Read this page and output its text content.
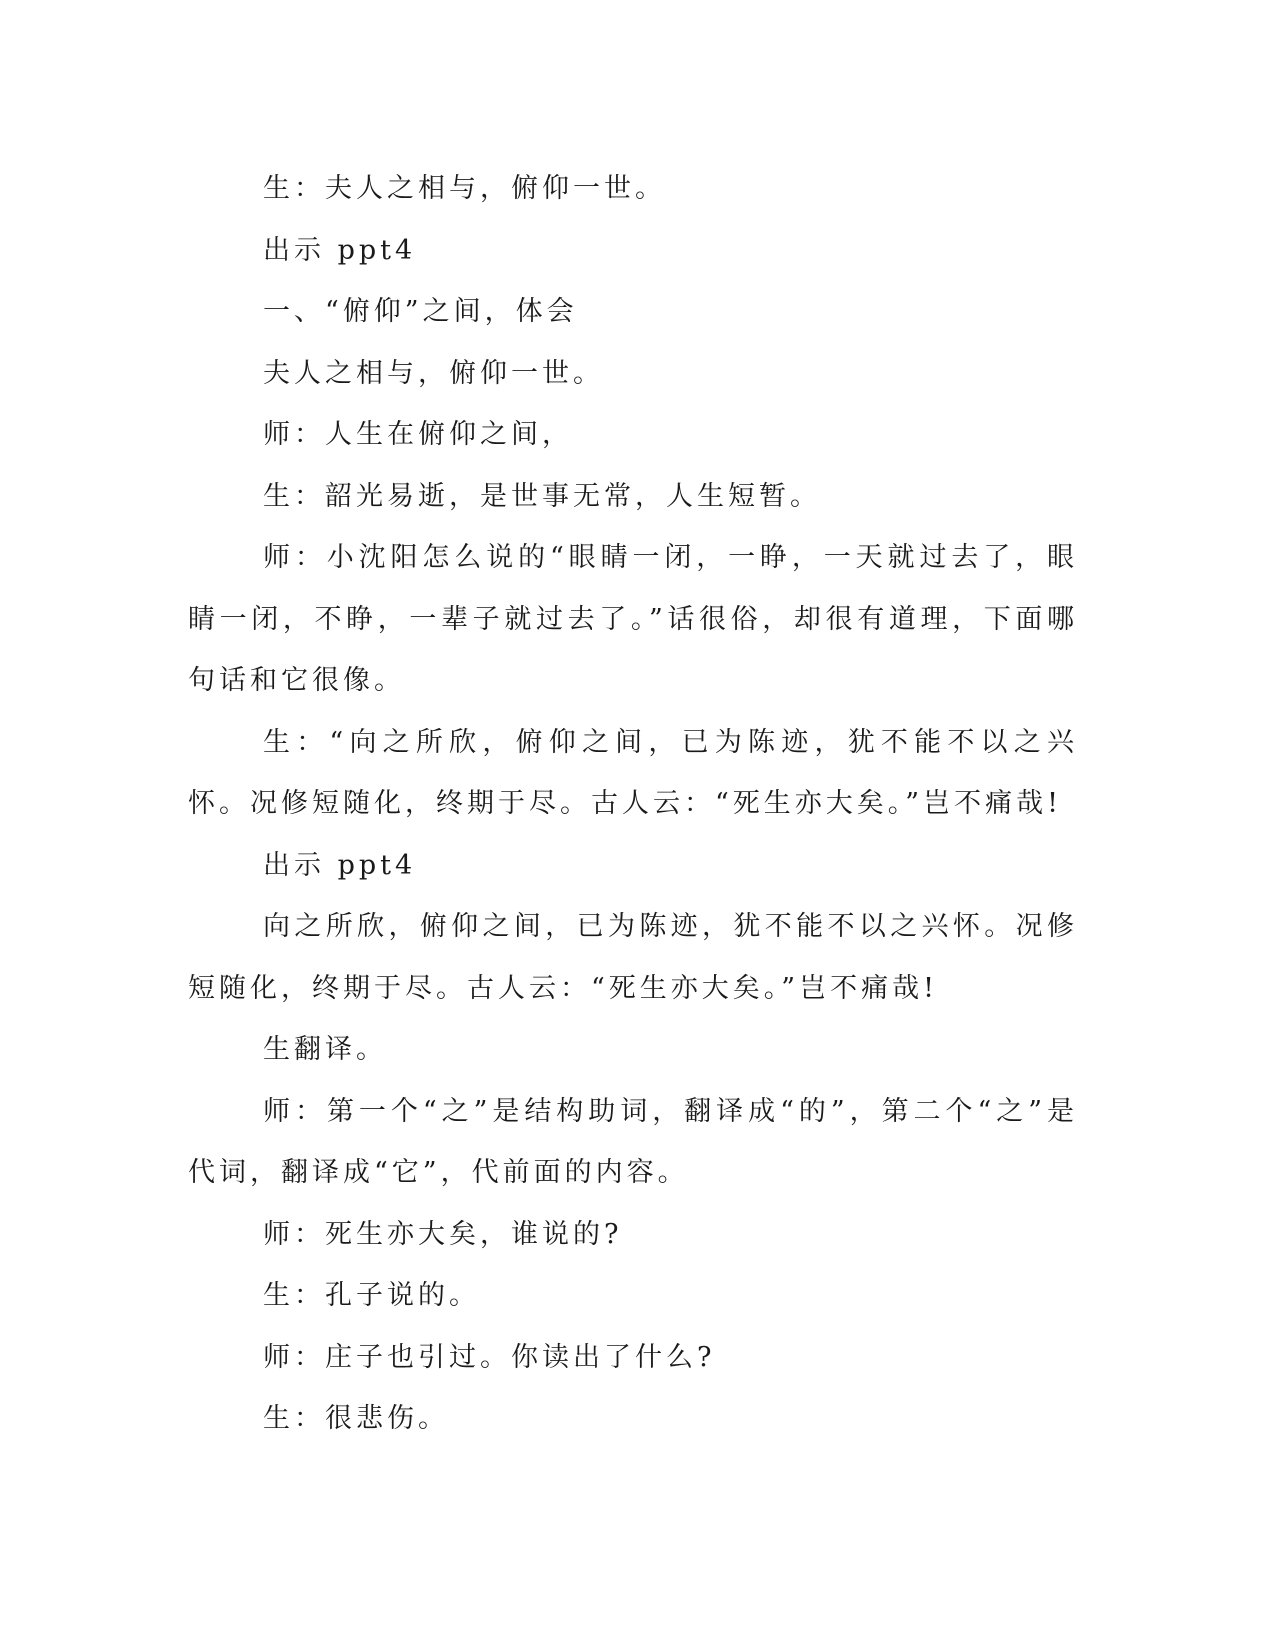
生：夫人之相与，俯仰一世。

出示 ppt4

一、“俯仰”之间，体会

夫人之相与，俯仰一世。

师：人生在俯仰之间，

生：韶光易逝，是世事无常，人生短暂。

师：小沈阳怎么说的“眼睛一闭，一睁，一天就过去了，眼睛一闭，不睁，一辈子就过去了。”话很俗，却很有道理，下面哪句话和它很像。

生：“向之所欣，俯仰之间，已为陈迹，犹不能不以之兴怀。况修短随化，终期于尽。古人云：“死生亦大矣。”岂不痛哉!

出示 ppt4

向之所欣，俯仰之间，已为陈迹，犹不能不以之兴怀。况修短随化，终期于尽。古人云：“死生亦大矣。”岂不痛哉!

生翻译。

师：第一个“之”是结构助词，翻译成“的”，第二个“之”是代词，翻译成“它”，代前面的内容。

师：死生亦大矣，谁说的?

生：孔子说的。

师：庄子也引过。你读出了什么?

生：很悲伤。
